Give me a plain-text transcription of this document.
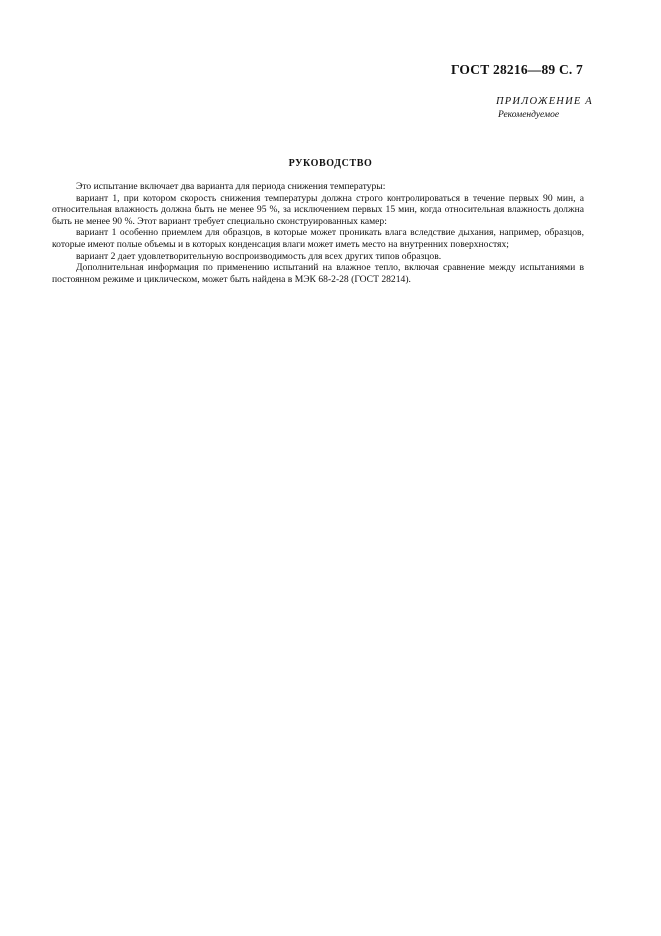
ГОСТ 28216—89 С. 7
ПРИЛОЖЕНИЕ А
Рекомендуемое
РУКОВОДСТВО

Это испытание включает два варианта для периода снижения температуры:

вариант 1, при котором скорость снижения температуры должна строго контролироваться в течение первых 90 мин, а относительная влажность должна быть не менее 95 %, за исключением первых 15 мин, когда относительная влажность должна быть не менее 90 %. Этот вариант требует специально сконструированных камер:

вариант 1 особенно приемлем для образцов, в которые может проникать влага вследствие дыхания, например, образцов, которые имеют полые объемы и в которых конденсация влаги может иметь место на внутренних поверхностях;

вариант 2 дает удовлетворительную воспроизводимость для всех других типов образцов.

Дополнительная информация по применению испытаний на влажное тепло, включая сравнение между испытаниями в постоянном режиме и циклическом, может быть найдена в МЭК 68-2-28 (ГОСТ 28214).
